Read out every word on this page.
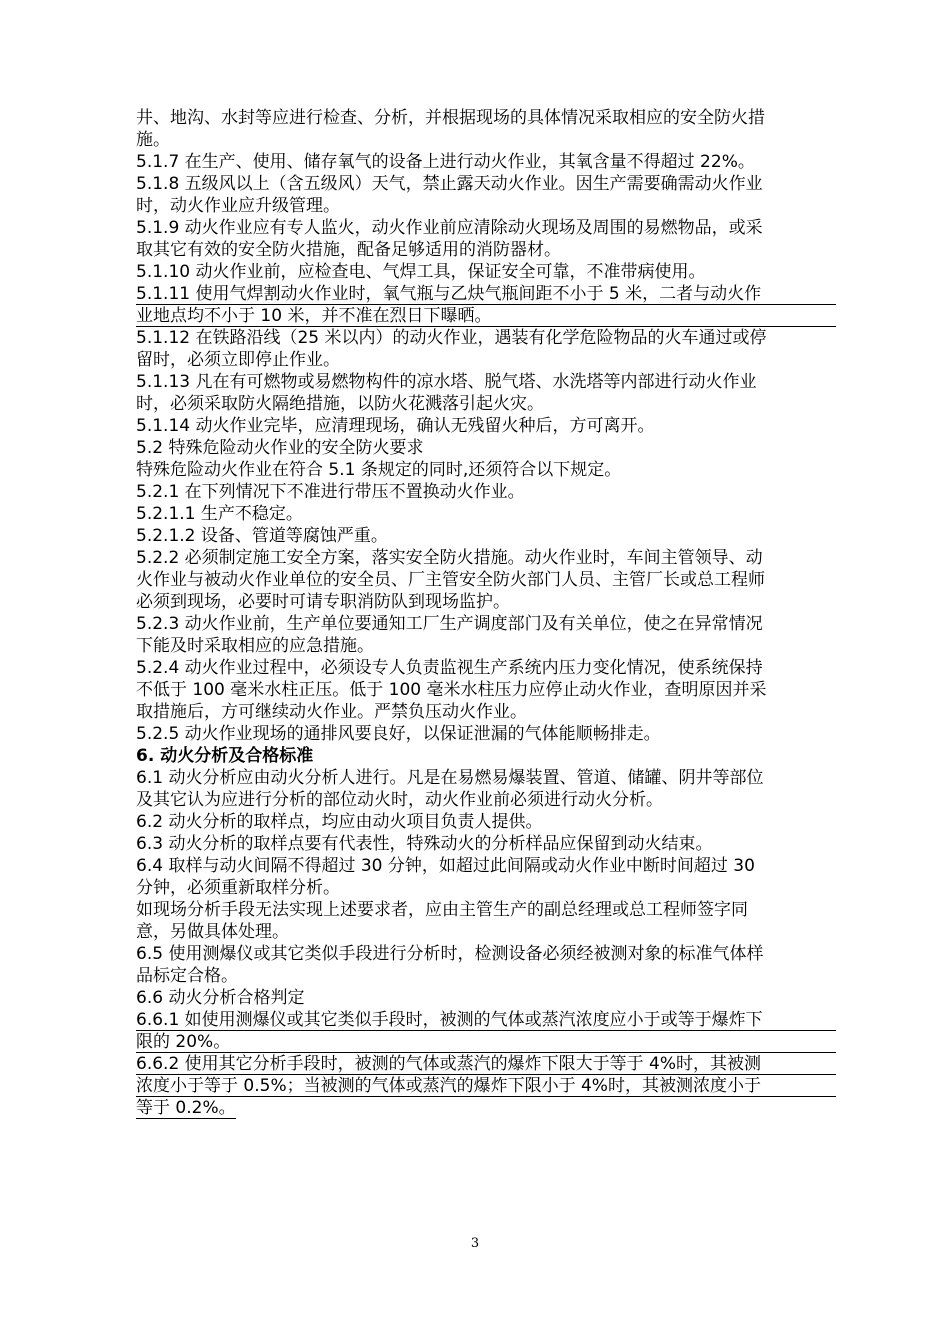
井、地沟、水封等应进行检查、分析，并根据现场的具体情况采取相应的安全防火措
施。
5.1.7 在生产、使用、储存氧气的设备上进行动火作业，其氧含量不得超过 22%。
5.1.8 五级风以上（含五级风）天气，禁止露天动火作业。因生产需要确需动火作业
时，动火作业应升级管理。
5.1.9 动火作业应有专人监火，动火作业前应清除动火现场及周围的易燃物品，或采
取其它有效的安全防火措施，配备足够适用的消防器材。
5.1.10 动火作业前，应检查电、气焊工具，保证安全可靠，不准带病使用。
5.1.11 使用气焊割动火作业时，氧气瓶与乙炔气瓶间距不小于 5 米，二者与动火作
业地点均不小于 10 米，并不准在烈日下曝晒。
5.1.12 在铁路沿线（25 米以内）的动火作业，遇装有化学危险物品的火车通过或停
留时，必须立即停止作业。
5.1.13 凡在有可燃物或易燃物构件的凉水塔、脱气塔、水洗塔等内部进行动火作业
时，必须采取防火隔绝措施，以防火花溅落引起火灾。
5.1.14 动火作业完毕，应清理现场，确认无残留火种后，方可离开。
5.2 特殊危险动火作业的安全防火要求
特殊危险动火作业在符合 5.1 条规定的同时,还须符合以下规定。
5.2.1 在下列情况下不准进行带压不置换动火作业。
5.2.1.1 生产不稳定。
5.2.1.2 设备、管道等腐蚀严重。
5.2.2 必须制定施工安全方案，落实安全防火措施。动火作业时，车间主管领导、动
火作业与被动火作业单位的安全员、厂主管安全防火部门人员、主管厂长或总工程师
必须到现场，必要时可请专职消防队到现场监护。
5.2.3 动火作业前，生产单位要通知工厂生产调度部门及有关单位，使之在异常情况
下能及时采取相应的应急措施。
5.2.4 动火作业过程中，必须设专人负责监视生产系统内压力变化情况，使系统保持
不低于 100 毫米水柱正压。低于 100 毫米水柱压力应停止动火作业，查明原因并采
取措施后，方可继续动火作业。严禁负压动火作业。
5.2.5 动火作业现场的通排风要良好，以保证泄漏的气体能顺畅排走。
6. 动火分析及合格标准
6.1 动火分析应由动火分析人进行。凡是在易燃易爆装置、管道、储罐、阴井等部位
及其它认为应进行分析的部位动火时，动火作业前必须进行动火分析。
6.2 动火分析的取样点，均应由动火项目负责人提供。
6.3 动火分析的取样点要有代表性，特殊动火的分析样品应保留到动火结束。
6.4 取样与动火间隔不得超过 30 分钟，如超过此间隔或动火作业中断时间超过 30
分钟，必须重新取样分析。
如现场分析手段无法实现上述要求者，应由主管生产的副总经理或总工程师签字同
意，另做具体处理。
6.5 使用测爆仪或其它类似手段进行分析时，检测设备必须经被测对象的标准气体样
品标定合格。
6.6 动火分析合格判定
6.6.1 如使用测爆仪或其它类似手段时，被测的气体或蒸汽浓度应小于或等于爆炸下
限的 20%。
6.6.2 使用其它分析手段时，被测的气体或蒸汽的爆炸下限大于等于 4%时，其被测
浓度小于等于 0.5%；当被测的气体或蒸汽的爆炸下限小于 4%时，其被测浓度小于
等于 0.2%。
3
